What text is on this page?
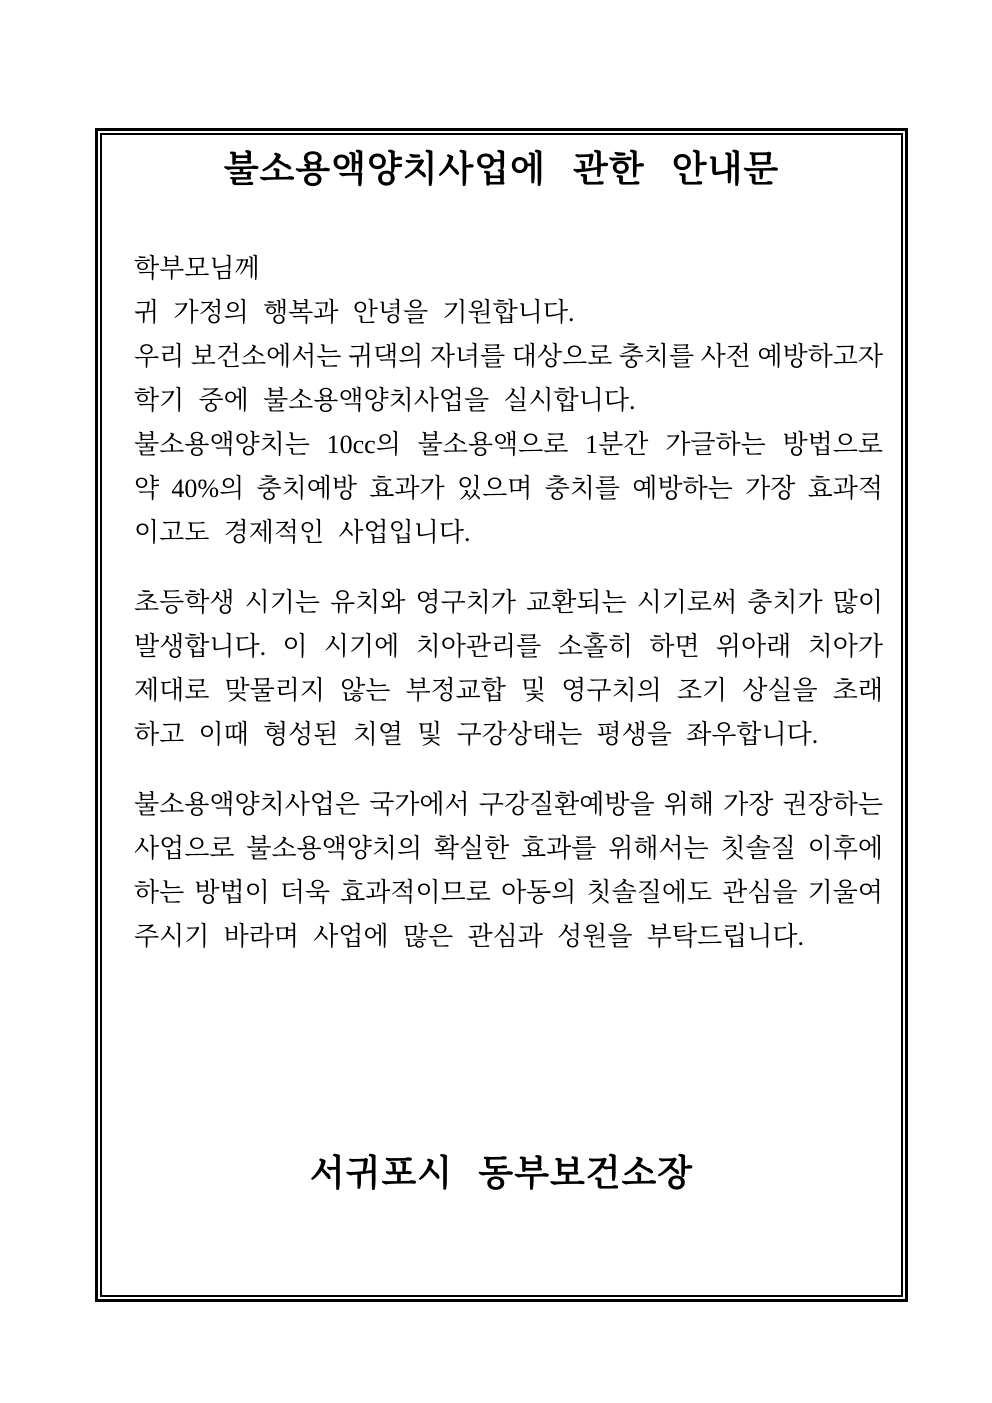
불소용액양치사업에 관한 안내문
학부모님께
귀 가정의 행복과 안녕을 기원합니다.
우리 보건소에서는 귀댁의 자녀를 대상으로 충치를 사전 예방하고자
학기 중에 불소용액양치사업을 실시합니다.
불소용액양치는 10cc의 불소용액으로 1분간 가글하는 방법으로
약 40%의 충치예방 효과가 있으며 충치를 예방하는 가장 효과적
이고도 경제적인 사업입니다.
초등학생 시기는 유치와 영구치가 교환되는 시기로써 충치가 많이
발생합니다. 이 시기에 치아관리를 소홀히 하면 위아래 치아가
제대로 맞물리지 않는 부정교합 및 영구치의 조기 상실을 초래
하고 이때 형성된 치열 및 구강상태는 평생을 좌우합니다.
불소용액양치사업은 국가에서 구강질환예방을 위해 가장 권장하는
사업으로 불소용액양치의 확실한 효과를 위해서는 칫솔질 이후에
하는 방법이 더욱 효과적이므로 아동의 칫솔질에도 관심을 기울여
주시기 바라며 사업에 많은 관심과 성원을 부탁드립니다.
서귀포시 동부보건소장
